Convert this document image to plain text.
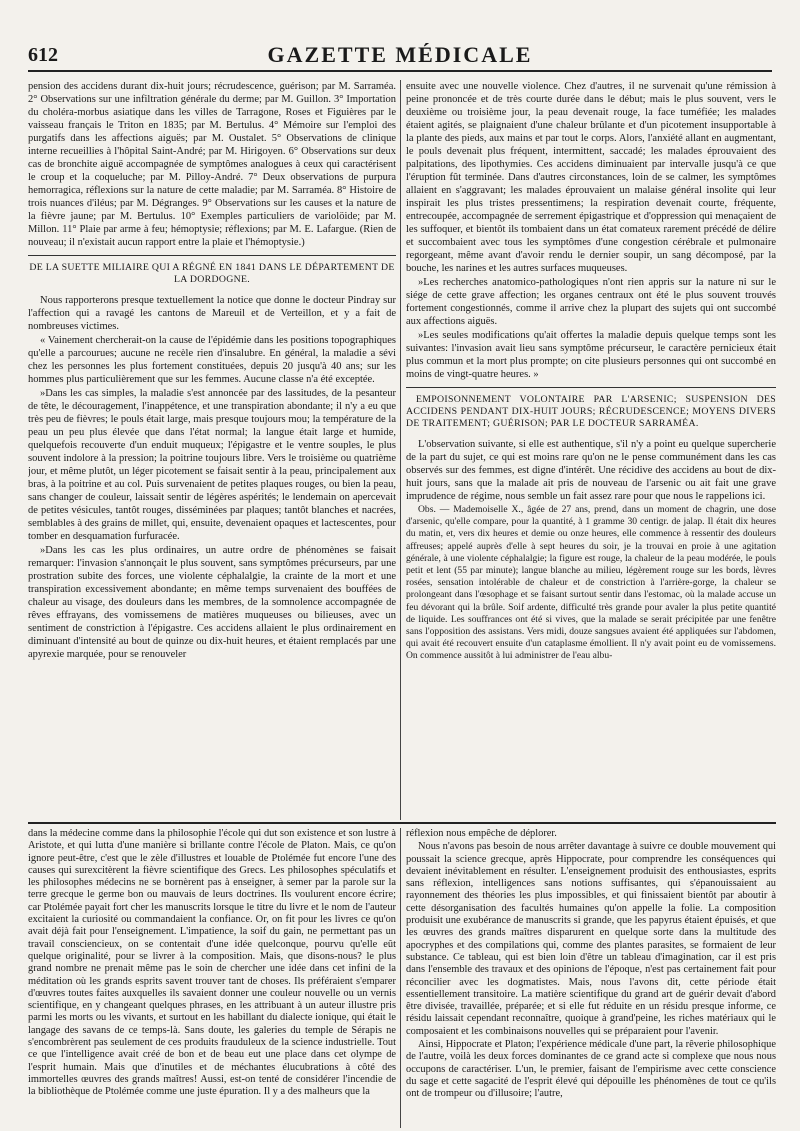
612	GAZETTE MÉDICALE

pension des accidens durant dix-huit jours; récrudescence, guérison; par M. Sarraméa. 2° Observations sur une infiltration générale du derme; par M. Guillon. 3° Importation du choléra-morbus asiatique dans les villes de Tarragone, Roses et Figuières par le vaisseau français le Triton en 1835; par M. Bertulus. 4° Mémoire sur l'emploi des purgatifs dans les affections aiguës; par M. Oustalet. 5° Observations de clinique interne recueillies à l'hôpital Saint-André; par M. Hirigoyen. 6° Observations sur deux cas de bronchite aiguë accompagnée de symptômes analogues à ceux qui caractérisent le croup et la coqueluche; par M. Pilloy-André. 7° Deux observations de purpura hemorragica, réflexions sur la nature de cette maladie; par M. Sarraméa. 8° Histoire de trois nuances d'iléus; par M. Dégranges. 9° Observations sur les causes et la nature de la fièvre jaune; par M. Bertulus. 10° Exemples particuliers de variolöide; par M. Millon. 11° Plaie par arme à feu; hémoptysie; réflexions; par M. E. Lafargue. (Rien de nouveau; il n'existait aucun rapport entre la plaie et l'hémoptysie.)

DE LA SUETTE MILIAIRE QUI A RÉGNÉ EN 1841 DANS LE DÉPARTEMENT DE LA DORDOGNE.

Nous rapporterons presque textuellement la notice que donne le docteur Pindray sur l'affection qui a ravagé les cantons de Mareuil et de Verteillon, et y a fait de nombreuses victimes.

« Vainement chercherait-on la cause de l'épidémie dans les positions topographiques qu'elle a parcourues; aucune ne recèle rien d'insalubre. En général, la maladie a sévi chez les personnes les plus fortement constituées, depuis 20 jusqu'à 40 ans; sur les hommes plus particulièrement que sur les femmes. Aucune classe n'a été exceptée.

»Dans les cas simples, la maladie s'est annoncée par des lassitudes, de la pesanteur de tête, le découragement, l'inappétence, et une transpiration abondante; il n'y a eu que très peu de fièvres; le pouls était large, mais presque toujours mou; la température de la peau un peu plus élevée que dans l'état normal; la langue était large et humide, quelquefois recouverte d'un enduit muqueux; l'épigastre et le ventre souples, le plus souvent indolore à la pression; la poitrine toujours libre. Vers le troisième ou quatrième jour, et même plutôt, un léger picotement se faisait sentir à la peau, principalement aux bras, à la poitrine et au col. Puis survenaient de petites plaques rouges, ou bien la peau, sans changer de couleur, laissait sentir de légères aspérités; le lendemain on apercevait de petites vésicules, tantôt rouges, disséminées par plaques; tantôt blanches et nacrées, semblables à des grains de millet, qui, ensuite, devenaient opaques et lactescentes, pour tomber en desquamation furfuracée.

»Dans les cas les plus ordinaires, un autre ordre de phénomènes se faisait remarquer: l'invasion s'annonçait le plus souvent, sans symptômes précurseurs, par une prostration subite des forces, une violente céphalalgie, la crainte de la mort et une transpiration excessivement abondante; en même temps survenaient des bouffées de chaleur au visage, des douleurs dans les membres, de la somnolence accompagnée de rêves effrayans, des vomissemens de matières muqueuses ou bilieuses, avec un sentiment de constriction à l'épigastre. Ces accidens allaient le plus ordinairement en diminuant d'intensité au bout de quinze ou dix-huit heures, et étaient remplacés par une apyrexie marquée, pour se renouveler

ensuite avec une nouvelle violence. Chez d'autres, il ne survenait qu'une rémission à peine prononcée et de très courte durée dans le début; mais le plus souvent, vers le deuxième ou troisième jour, la peau devenait rouge, la face tuméfiée; les malades étaient agités, se plaignaient d'une chaleur brûlante et d'un picotement insupportable à la plante des pieds, aux mains et par tout le corps. Alors, l'anxiété allant en augmentant, le pouls devenait plus fréquent, intermittent, saccadé; les malades éprouvaient des palpitations, des lipothymies. Ces accidens diminuaient par intervalle jusqu'à ce que l'éruption fût terminée. Dans d'autres circonstances, loin de se calmer, les symptômes allaient en s'aggravant; les malades éprouvaient un malaise général insolite qui leur inspirait les plus tristes pressentimens; la respiration devenait courte, fréquente, entrecoupée, accompagnée de serrement épigastrique et d'oppression qui menaçaient de les suffoquer, et bientôt ils tombaient dans un état comateux rarement précédé de délire et succombaient avec tous les symptômes d'une congestion cérébrale et pulmonaire regorgeant, même avant d'avoir rendu le dernier soupir, un sang décomposé, par la bouche, les narines et les autres surfaces muqueuses.

»Les recherches anatomico-pathologiques n'ont rien appris sur la nature ni sur le siége de cette grave affection; les organes centraux ont été le plus souvent trouvés fortement congestionnés, comme il arrive chez la plupart des sujets qui ont succombé aux affections aiguës.

»Les seules modifications qu'ait offertes la maladie depuis quelque temps sont les suivantes: l'invasion avait lieu sans symptôme précurseur, le caractère pernicieux était plus commun et la mort plus prompte; on cite plusieurs personnes qui ont succombé en moins de vingt-quatre heures. »

EMPOISONNEMENT VOLONTAIRE PAR L'ARSENIC; SUSPENSION DES ACCIDENS PENDANT DIX-HUIT JOURS; RÉCRUDESCENCE; MOYENS DIVERS DE TRAITEMENT; GUÉRISON; PAR LE DOCTEUR SARRAMÉA.

L'observation suivante, si elle est authentique, s'il n'y a point eu quelque supercherie de la part du sujet, ce qui est moins rare qu'on ne le pense communément dans les cas observés sur des femmes, est digne d'intérêt. Une récidive des accidens au bout de dix-huit jours, sans que la malade ait pris de nouveau de l'arsenic ou ait fait une grave imprudence de régime, nous semble un fait assez rare pour que nous le rappelions ici.

Obs. — Mademoiselle X., âgée de 27 ans, prend, dans un moment de chagrin, une dose d'arsenic, qu'elle compare, pour la quantité, à 1 gramme 30 centigr. de jalap. Il était dix heures du matin, et, vers dix heures et demie ou onze heures, elle commence à ressentir des douleurs affreuses; appelé auprès d'elle à sept heures du soir, je la trouvai en proie à une agitation générale, à une violente céphalalgie; la figure est rouge, la chaleur de la peau modérée, le pouls petit et lent (55 par minute); langue blanche au milieu, légèrement rouge sur les bords, lèvres rosées, sensation intolérable de chaleur et de constriction à l'arrière-gorge, la chaleur se prolongeant dans l'œsophage et se faisant surtout sentir dans l'estomac, où la malade accuse un feu dévorant qui la brûle. Soif ardente, difficulté très grande pour avaler la plus petite quantité de liquide. Les souffrances ont été si vives, que la malade se serait précipitée par une fenêtre sans l'opposition des assistans. Vers midi, douze sangsues avaient été appliquées sur l'abdomen, qui avait été recouvert ensuite d'un cataplasme émollient. Il n'y avait point eu de vomissemens. On commence aussitôt à lui administrer de l'eau albu-

dans la médecine comme dans la philosophie l'école qui dut son existence et son lustre à Aristote, et qui lutta d'une manière si brillante contre l'école de Platon. Mais, ce qu'on ignore peut-être, c'est que le zèle d'illustres et louable de Ptolémée fut encore l'une des causes qui surexcitèrent la fièvre scientifique des Grecs. Les philosophes spéculatifs et les philosophes médecins ne se bornèrent pas à enseigner, à semer par la parole sur la terre grecque le germe bon ou mauvais de leurs doctrines. Ils voulurent encore écrire; car Ptolémée payait fort cher les manuscrits lorsque le titre du livre et le nom de l'auteur excitaient la curiosité ou commandaient la confiance. Or, on fit pour les livres ce qu'on avait déjà fait pour l'enseignement. L'impatience, la soif du gain, ne permettant pas un travail consciencieux, on se contentait d'une idée quelconque, pourvu qu'elle eût quelque originalité, pour se livrer à la composition. Mais, que disons-nous? le plus grand nombre ne prenait même pas le soin de chercher une idée dans cet infini de la méditation où les grands esprits savent trouver tant de choses. Ils préféraient s'emparer d'œuvres toutes faites auxquelles ils savaient donner une couleur nouvelle ou un vernis scientifique, en y changeant quelques phrases, en les attribuant à un auteur illustre pris parmi les morts ou les vivants, et surtout en les habillant du dialecte ionique, qui était le langage des savans de ce temps-là. Sans doute, les galeries du temple de Sérapis ne s'encombrèrent pas seulement de ces produits frauduleux de la science industrielle. Tout ce que l'intelligence avait créé de bon et de beau eut une place dans cet olympe de l'esprit humain. Mais que d'inutiles et de méchantes élucubrations à côté des immortelles œuvres des grands maîtres! Aussi, est-on tenté de considérer l'incendie de la bibliothèque de Ptolémée comme une juste épuration. Il y a des malheurs que la

réflexion nous empêche de déplorer.

Nous n'avons pas besoin de nous arrêter davantage à suivre ce double mouvement qui poussait la science grecque, après Hippocrate, pour comprendre les conséquences qui devaient inévitablement en résulter. L'enseignement produisit des enthousiastes, esprits sans réflexion, intelligences sans notions suffisantes, qui s'épanouissaient au rayonnement des théories les plus impossibles, et qui finissaient bientôt par aboutir à cette désorganisation des facultés humaines qu'on appelle la folie. La composition produisit une exubérance de manuscrits si grande, que les papyrus étaient épuisés, et que les œuvres des grands maîtres disparurent en quelque sorte dans la multitude des apocryphes et des compilations qui, comme des plantes parasites, se formaient de leur substance. Ce tableau, qui est bien loin d'être un tableau d'imagination, car il est pris dans l'ensemble des travaux et des opinions de l'époque, n'est pas certainement fait pour réconcilier avec les dogmatistes. Mais, nous l'avons dit, cette période était essentiellement transitoire. La matière scientifique du grand art de guérir devait d'abord être divisée, travaillée, préparée; et si elle fut réduite en un résidu presque informe, ce résidu laissait cependant reconnaître, quoique à grand'peine, les riches matériaux qui le composaient et les combinaisons nouvelles qui se préparaient pour l'avenir.

Ainsi, Hippocrate et Platon; l'expérience médicale d'une part, la rêverie philosophique de l'autre, voilà les deux forces dominantes de ce grand acte si complexe que nous nous occupons de caractériser. L'un, le premier, faisant de l'empirisme avec cette conscience du sage et cette sagacité de l'esprit élevé qui dépouille les phénomènes de tout ce qu'ils ont de trompeur ou d'illusoire; l'autre,
